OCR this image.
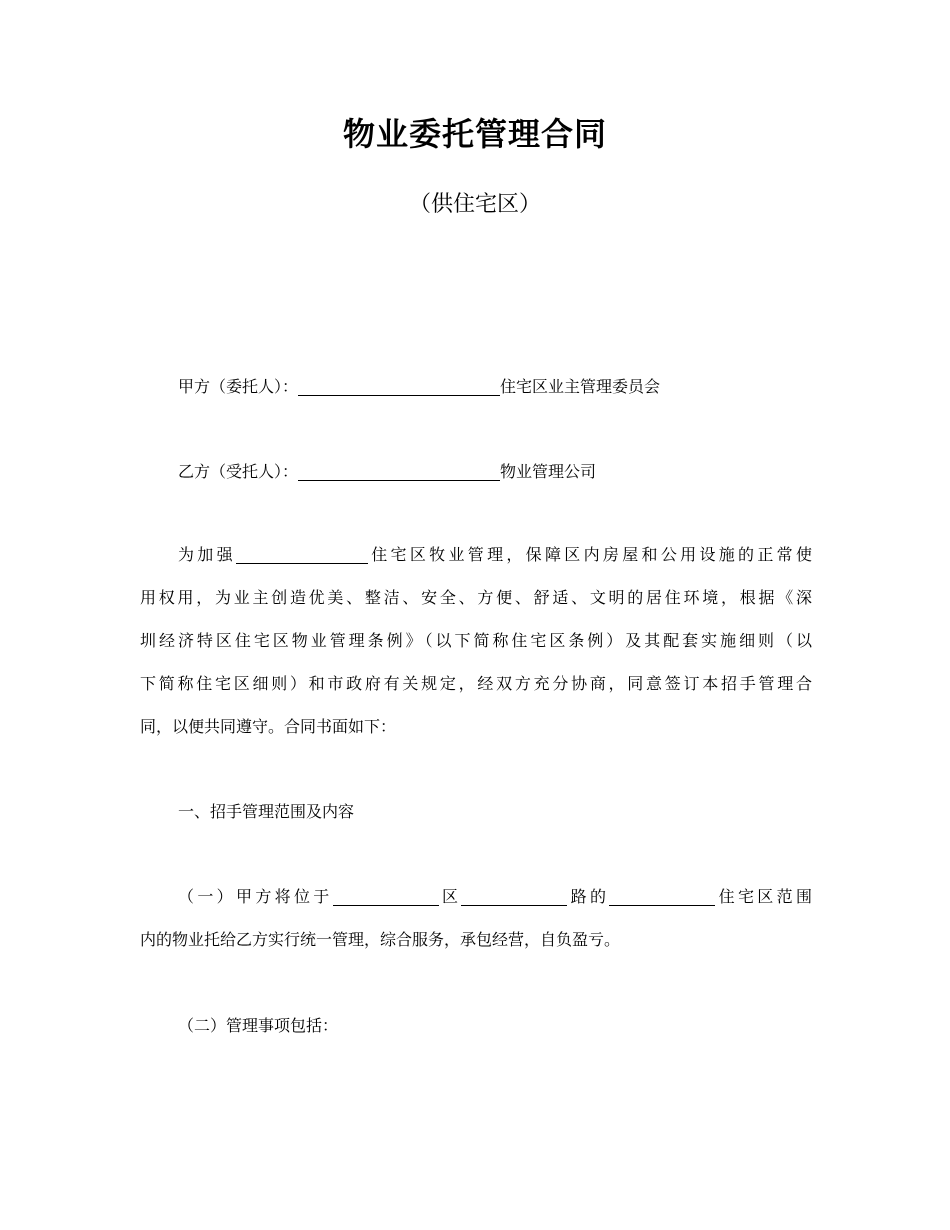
物业委托管理合同
（供住宅区）
甲方（委托人）：	住宅区业主管理委员会
乙方（受托人）：	物业管理公司
为加强	住宅区牧业管理，保障区内房屋和公用设施的正常使
用权用，为业主创造优美、整洁、安全、方便、舒适、文明的居住环境，根据《深
圳经济特区住宅区物业管理条例》（以下简称住宅区条例）及其配套实施细则（以
下简称住宅区细则）和市政府有关规定，经双方充分协商，同意签订本招手管理合
同，以便共同遵守。合同书面如下：
一、招手管理范围及内容
（一）甲方将位于	区	路的	住宅区范围
内的物业托给乙方实行统一管理，综合服务，承包经营，自负盈亏。
（二）管理事项包括：
